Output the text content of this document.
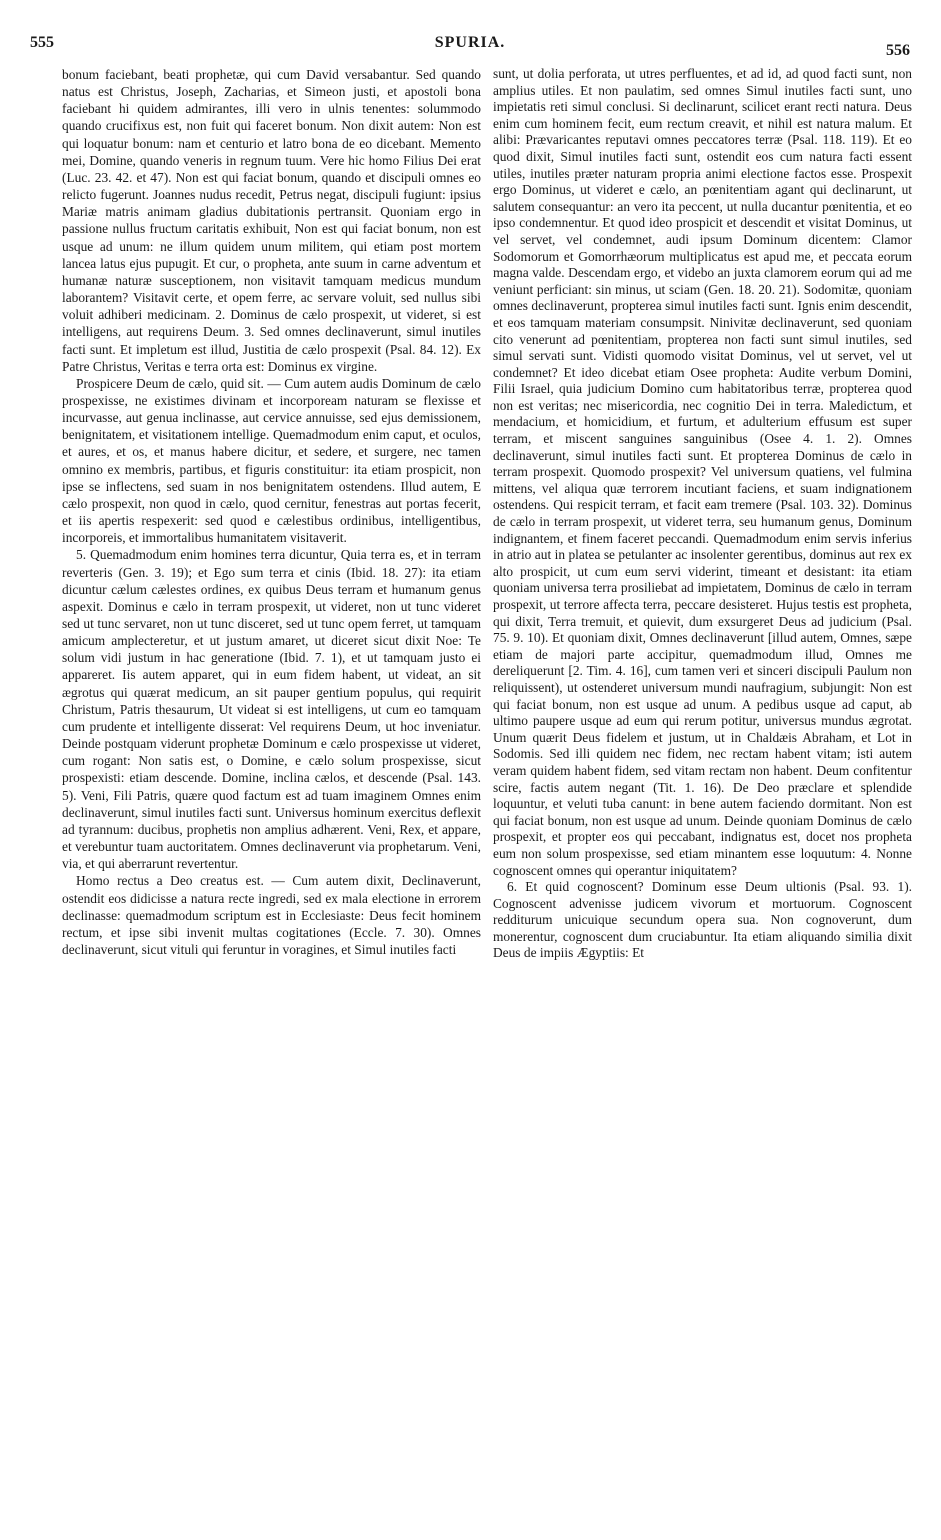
555	SPURIA.	556

bonum faciebant, beati prophetæ, qui cum David versabantur. Sed quando natus est Christus, Joseph, Zacharias, et Simeon justi, et apostoli bona faciebant hi quidem admirantes, illi vero in ulnis tenentes: solummodo quando crucifixus est, non fuit qui faceret bonum. Non dixit autem: Non est qui loquatur bonum: nam et centurio et latro bona de eo dicebant. Memento mei, Domine, quando veneris in regnum tuum. Vere hic homo Filius Dei erat (Luc. 23. 42. et 47). Non est qui faciat bonum, quando et discipuli omnes eo relicto fugerunt. Joannes nudus recedit, Petrus negat, discipuli fugiunt: ipsius Mariæ matris animam gladius dubitationis pertransit. Quoniam ergo in passione nullus fructum caritatis exhibuit, Non est qui faciat bonum, non est usque ad unum: ne illum quidem unum militem, qui etiam post mortem lancea latus ejus pupugit. Et cur, o propheta, ante suum in carne adventum et humanæ naturæ susceptionem, non visitavit tamquam medicus mundum laborantem? Visitavit certe, et opem ferre, ac servare voluit, sed nullus sibi voluit adhiberi medicinam. 2. Dominus de cælo prospexit, ut videret, si est intelligens, aut requirens Deum. 3. Sed omnes declinaverunt, simul inutiles facti sunt. Et impletum est illud, Justitia de cælo prospexit (Psal. 84. 12). Ex Patre Christus, Veritas e terra orta est: Dominus ex virgine.

Prospicere Deum de cælo, quid sit. — Cum autem audis Dominum de cælo prospexisse, ne existimes divinam et incorpoream naturam se flexisse et incurvasse, aut genua inclinasse, aut cervice annuisse, sed ejus demissionem, benignitatem, et visitationem intellige. Quemadmodum enim caput, et oculos, et aures, et os, et manus habere dicitur, et sedere, et surgere, nec tamen omnino ex membris, partibus, et figuris constituitur: ita etiam prospicit, non ipse se inflectens, sed suam in nos benignitatem ostendens. Illud autem, E cælo prospexit, non quod in cælo, quod cernitur, fenestras aut portas fecerit, et iis apertis respexerit: sed quod e cælestibus ordinibus, intelligentibus, incorporeis, et immortalibus humanitatem visitaverit.

5. Quemadmodum enim homines terra dicuntur, Quia terra es, et in terram reverteris (Gen. 3. 19); et Ego sum terra et cinis (Ibid. 18. 27): ita etiam dicuntur cælum cælestes ordines, ex quibus Deus terram et humanum genus aspexit. Dominus e cælo in terram prospexit, ut videret, non ut tunc videret sed ut tunc servaret, non ut tunc disceret, sed ut tunc opem ferret, ut tamquam amicum amplecteretur, et ut justum amaret, ut diceret sicut dixit Noe: Te solum vidi justum in hac generatione (Ibid. 7. 1), et ut tamquam justo ei appareret. Iis autem apparet, qui in eum fidem habent, ut videat, an sit ægrotus qui quærat medicum, an sit pauper gentium populus, qui requirit Christum, Patris thesaurum, Ut videat si est intelligens, ut cum eo tamquam cum prudente et intelligente disserat: Vel requirens Deum, ut hoc inveniatur. Deinde postquam viderunt prophetæ Dominum e cælo prospexisse ut videret, cum rogant: Non satis est, o Domine, e cælo solum prospexisse, sicut prospexisti: etiam descende. Domine, inclina cælos, et descende (Psal. 143. 5). Veni, Fili Patris, quære quod factum est ad tuam imaginem Omnes enim declinaverunt, simul inutiles facti sunt. Universus hominum exercitus deflexit ad tyrannum: ducibus, prophetis non amplius adhærent. Veni, Rex, et appare, et verebuntur tuam auctoritatem. Omnes declinaverunt via prophetarum. Veni, via, et qui aberrarunt revertentur.

Homo rectus a Deo creatus est. — Cum autem dixit, Declinaverunt, ostendit eos didicisse a natura recte ingredi, sed ex mala electione in errorem declinasse: quemadmodum scriptum est in Ecclesiaste: Deus fecit hominem rectum, et ipse sibi invenit multas cogitationes (Eccle. 7. 30). Omnes declinaverunt, sicut vituli qui feruntur in voragines, et Simul inutiles facti

sunt, ut dolia perforata, ut utres perfluentes, et ad id, ad quod facti sunt, non amplius utiles. Et non paulatim, sed omnes Simul inutiles facti sunt, uno impietatis reti simul conclusi. Si declinarunt, scilicet erant recti natura. Deus enim cum hominem fecit, eum rectum creavit, et nihil est natura malum. Et alibi: Prævaricantes reputavi omnes peccatores terræ (Psal. 118. 119). Et eo quod dixit, Simul inutiles facti sunt, ostendit eos cum natura facti essent utiles, inutiles præter naturam propria animi electione factos esse. Prospexit ergo Dominus, ut videret e cælo, an pœnitentiam agant qui declinarunt, ut salutem consequantur: an vero ita peccent, ut nulla ducantur pœnitentia, et eo ipso condemnentur. Et quod ideo prospicit et descendit et visitat Dominus, ut vel servet, vel condemnet, audi ipsum Dominum dicentem: Clamor Sodomorum et Gomorrhæorum multiplicatus est apud me, et peccata eorum magna valde. Descendam ergo, et videbo an juxta clamorem eorum qui ad me veniunt perficiant: sin minus, ut sciam (Gen. 18. 20. 21). Sodomitæ, quoniam omnes declinaverunt, propterea simul inutiles facti sunt. Ignis enim descendit, et eos tamquam materiam consumpsit. Ninivitæ declinaverunt, sed quoniam cito venerunt ad pœnitentiam, propterea non facti sunt simul inutiles, sed simul servati sunt. Vidisti quomodo visitat Dominus, vel ut servet, vel ut condemnet? Et ideo dicebat etiam Osee propheta: Audite verbum Domini, Filii Israel, quia judicium Domino cum habitatoribus terræ, propterea quod non est veritas; nec misericordia, nec cognitio Dei in terra. Maledictum, et mendacium, et homicidium, et furtum, et adulterium effusum est super terram, et miscent sanguines sanguinibus (Osee 4. 1. 2). Omnes declinaverunt, simul inutiles facti sunt. Et propterea Dominus de cælo in terram prospexit. Quomodo prospexit? Vel universum quatiens, vel fulmina mittens, vel aliqua quæ terrorem incutiant faciens, et suam indignationem ostendens. Qui respicit terram, et facit eam tremere (Psal. 103. 32). Dominus de cælo in terram prospexit, ut videret terra, seu humanum genus, Dominum indignantem, et finem faceret peccandi. Quemadmodum enim servis inferius in atrio aut in platea se petulanter ac insolenter gerentibus, dominus aut rex ex alto prospicit, ut cum eum servi viderint, timeant et desistant: ita etiam quoniam universa terra prosiliebat ad impietatem, Dominus de cælo in terram prospexit, ut terrore affecta terra, peccare desisteret. Hujus testis est propheta, qui dixit, Terra tremuit, et quievit, dum exsurgeret Deus ad judicium (Psal. 75. 9. 10). Et quoniam dixit, Omnes declinaverunt [illud autem, Omnes, sæpe etiam de majori parte accipitur, quemadmodum illud, Omnes me dereliquerunt [2. Tim. 4. 16], cum tamen veri et sinceri discipuli Paulum non reliquissent), ut ostenderet universum mundi naufragium, subjungit: Non est qui faciat bonum, non est usque ad unum. A pedibus usque ad caput, ab ultimo paupere usque ad eum qui rerum potitur, universus mundus ægrotat. Unum quærit Deus fidelem et justum, ut in Chaldæis Abraham, et Lot in Sodomis. Sed illi quidem nec fidem, nec rectam habent vitam; isti autem veram quidem habent fidem, sed vitam rectam non habent. Deum confitentur scire, factis autem negant (Tit. 1. 16). De Deo præclare et splendide loquuntur, et veluti tuba canunt: in bene autem faciendo dormitant. Non est qui faciat bonum, non est usque ad unum. Deinde quoniam Dominus de cælo prospexit, et propter eos qui peccabant, indignatus est, docet nos propheta eum non solum prospexisse, sed etiam minantem esse loquutum: 4. Nonne cognoscent omnes qui operantur iniquitatem?

6. Et quid cognoscent? Dominum esse Deum ultionis (Psal. 93. 1). Cognoscent advenisse judicem vivorum et mortuorum. Cognoscent redditurum unicuique secundum opera sua. Non cognoverunt, dum monerentur, cognoscent dum cruciabuntur. Ita etiam aliquando similia dixit Deus de impiis Ægyptiis: Et
